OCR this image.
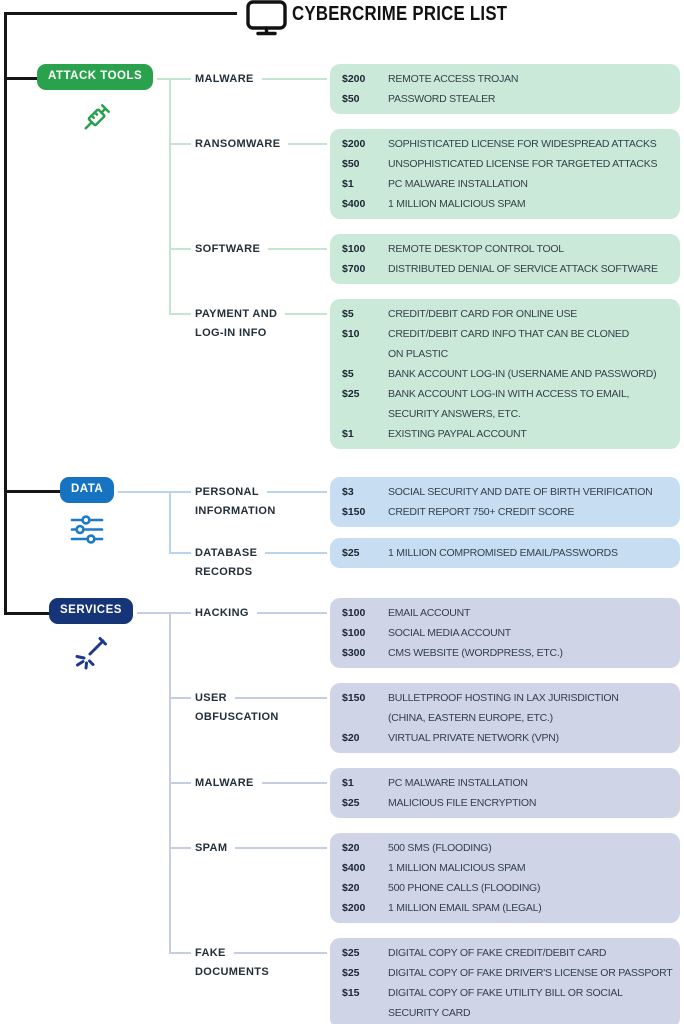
CYBERCRIME PRICE LIST
ATTACK TOOLS	MALWARE	$200	REMOTE ACCESS TROJAN
$50	PASSWORD STEALER
RANSOMWARE	$200	SOPHISTICATED LICENSE FOR WIDESPREAD ATTACKS
$50	UNSOPHISTICATED LICENSE FOR TARGETED ATTACKS
$1	PC MALWARE INSTALLATION
$400	1 MILLION MALICIOUS SPAM
SOFTWARE	$100	REMOTE DESKTOP CONTROL TOOL
$700	DISTRIBUTED DENIAL OF SERVICE ATTACK SOFTWARE
PAYMENT AND
LOG-IN INFO
$5	CREDIT/DEBIT CARD FOR ONLINE USE
$10	CREDIT/DEBIT CARD INFO THAT CAN BE CLONED
ON PLASTIC
$5	BANK ACCOUNT LOG-IN (USERNAME AND PASSWORD)
$25	BANK ACCOUNT LOG-IN WITH ACCESS TO EMAIL,
SECURITY ANSWERS, ETC.
$1	EXISTING PAYPAL ACCOUNT
DATA	PERSONAL
INFORMATION
$3	SOCIAL SECURITY AND DATE OF BIRTH VERIFICATION
$150	CREDIT REPORT 750+ CREDIT SCORE
DATABASE
RECORDS
$25	1 MILLION COMPROMISED EMAIL/PASSWORDS
SERVICES	HACKING	$100	EMAIL ACCOUNT
$100	SOCIAL MEDIA ACCOUNT
$300	CMS WEBSITE (WORDPRESS, ETC.)
USER
OBFUSCATION
$150	BULLETPROOF HOSTING IN LAX JURISDICTION
(CHINA, EASTERN EUROPE, ETC.)
$20	VIRTUAL PRIVATE NETWORK (VPN)
MALWARE	$1	PC MALWARE INSTALLATION
$25	MALICIOUS FILE ENCRYPTION
SPAM	$20	500 SMS (FLOODING)
$400	1 MILLION MALICIOUS SPAM
$20	500 PHONE CALLS (FLOODING)
$200	1 MILLION EMAIL SPAM (LEGAL)
FAKE
DOCUMENTS
$25	DIGITAL COPY OF FAKE CREDIT/DEBIT CARD
$25	DIGITAL COPY OF FAKE DRIVER'S LICENSE OR PASSPORT
$15	DIGITAL COPY OF FAKE UTILITY BILL OR SOCIAL
SECURITY CARD
